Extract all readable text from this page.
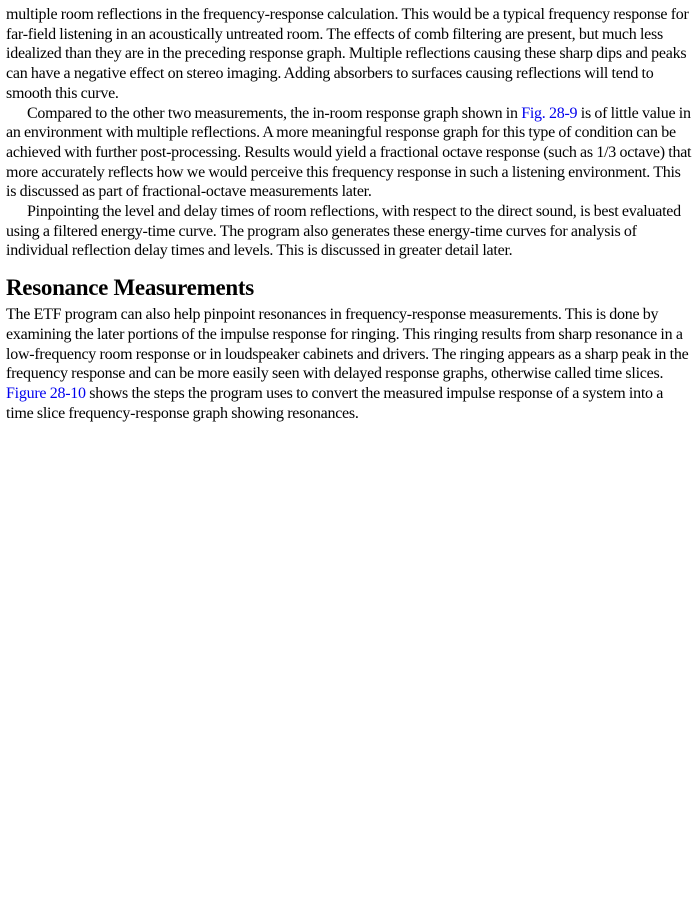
multiple room reflections in the frequency-response calculation. This would be a typical frequency response for far-field listening in an acoustically untreated room. The effects of comb filtering are present, but much less idealized than they are in the preceding response graph. Multiple reflections causing these sharp dips and peaks can have a negative effect on stereo imaging. Adding absorbers to surfaces causing reflections will tend to smooth this curve.

Compared to the other two measurements, the in-room response graph shown in Fig. 28-9 is of little value in an environment with multiple reflections. A more meaningful response graph for this type of condition can be achieved with further post-processing. Results would yield a fractional octave response (such as 1/3 octave) that more accurately reflects how we would perceive this frequency response in such a listening environment. This is discussed as part of fractional-octave measurements later.

Pinpointing the level and delay times of room reflections, with respect to the direct sound, is best evaluated using a filtered energy-time curve. The program also generates these energy-time curves for analysis of individual reflection delay times and levels. This is discussed in greater detail later.

Resonance Measurements

The ETF program can also help pinpoint resonances in frequency-response measurements. This is done by examining the later portions of the impulse response for ringing. This ringing results from sharp resonance in a low-frequency room response or in loudspeaker cabinets and drivers. The ringing appears as a sharp peak in the frequency response and can be more easily seen with delayed response graphs, otherwise called time slices. Figure 28-10 shows the steps the program uses to convert the measured impulse response of a system into a time slice frequency-response graph showing resonances.
